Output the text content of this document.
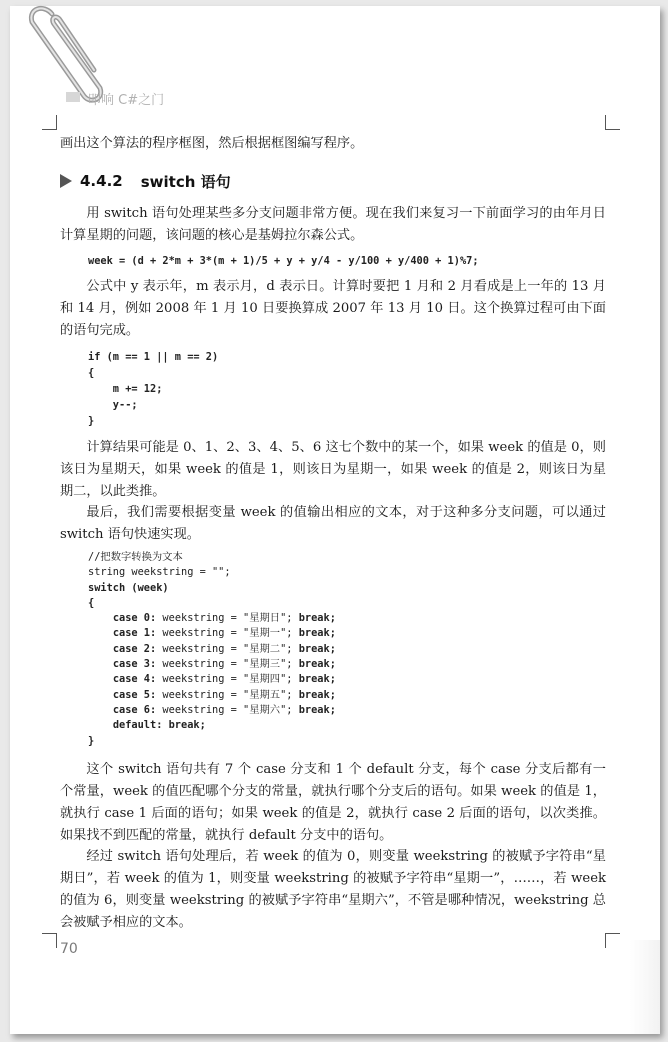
叩响 C#之门
画出这个算法的程序框图，然后根据框图编写程序。
4.4.2 switch 语句
用 switch 语句处理某些多分支问题非常方便。现在我们来复习一下前面学习的由年月日计算星期的问题，该问题的核心是基姆拉尔森公式。
week = (d + 2*m + 3*(m + 1)/5 + y + y/4 - y/100 + y/400 + 1)%7;
公式中 y 表示年，m 表示月，d 表示日。计算时要把 1 月和 2 月看成是上一年的 13 月和 14 月，例如 2008 年 1 月 10 日要换算成 2007 年 13 月 10 日。这个换算过程可由下面的语句完成。
if (m == 1 || m == 2)
{
m += 12;
y--;
}
计算结果可能是 0、1、2、3、4、5、6 这七个数中的某一个，如果 week 的值是 0，则该日为星期天，如果 week 的值是 1，则该日为星期一，如果 week 的值是 2，则该日为星期二，以此类推。
最后，我们需要根据变量 week 的值输出相应的文本，对于这种多分支问题，可以通过 switch 语句快速实现。
//把数字转换为文本
string weekstring = "";
switch (week)
{
case 0: weekstring = "星期日"; break;
case 1: weekstring = "星期一"; break;
case 2: weekstring = "星期二"; break;
case 3: weekstring = "星期三"; break;
case 4: weekstring = "星期四"; break;
case 5: weekstring = "星期五"; break;
case 6: weekstring = "星期六"; break;
default: break;
}
这个 switch 语句共有 7 个 case 分支和 1 个 default 分支，每个 case 分支后都有一个常量，week 的值匹配哪个分支的常量，就执行哪个分支后的语句。如果 week 的值是 1，就执行 case 1 后面的语句；如果 week 的值是 2，就执行 case 2 后面的语句，以次类推。如果找不到匹配的常量，就执行 default 分支中的语句。
经过 switch 语句处理后，若 week 的值为 0，则变量 weekstring 的被赋予字符串“星期日”，若 week 的值为 1，则变量 weekstring 的被赋予字符串“星期一”，……，若 week 的值为 6，则变量 weekstring 的被赋予字符串“星期六”，不管是哪种情况，weekstring 总会被赋予相应的文本。
70
